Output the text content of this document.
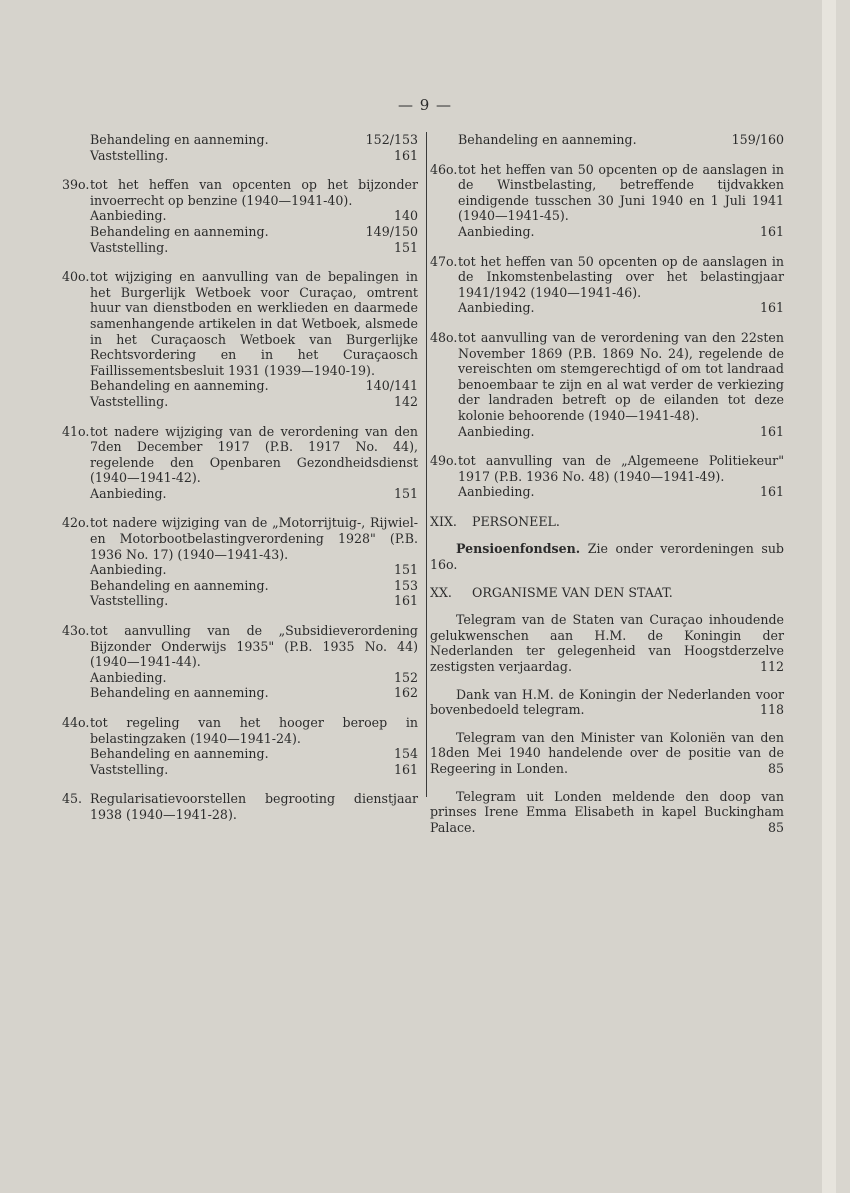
— 9 —
Behandeling en aanneming.	152/153
Vaststelling.	161
39o. tot het heffen van opcenten op het bijzonder invoerrecht op benzine (1940—1941-40).
Aanbieding.	140
Behandeling en aanneming.	149/150
Vaststelling.	151
40o. tot wijziging en aanvulling van de bepalingen in het Burgerlijk Wetboek voor Curaçao, omtrent huur van dienstboden en werklieden en daarmede samenhangende artikelen in dat Wetboek, alsmede in het Curaçaosch Wetboek van Burgerlijke Rechtsvordering en in het Curaçaosch Faillissementsbesluit 1931 (1939—1940-19).
Behandeling en aanneming.	140/141
Vaststelling.	142
41o. tot nadere wijziging van de verordening van den 7den December 1917 (P.B. 1917 No. 44), regelende den Openbaren Gezondheidsdienst (1940—1941-42).
Aanbieding.	151
42o. tot nadere wijziging van de „Motorrijtuig-, Rijwiel- en Motorbootbelastingverordening 1928" (P.B. 1936 No. 17) (1940—1941-43).
Aanbieding.	151
Behandeling en aanneming.	153
Vaststelling.	161
43o. tot aanvulling van de „Subsidieverordening Bijzonder Onderwijs 1935" (P.B. 1935 No. 44) (1940—1941-44).
Aanbieding.	152
Behandeling en aanneming.	162
44o. tot regeling van het hooger beroep in belastingzaken (1940—1941-24).
Behandeling en aanneming.	154
Vaststelling.	161
45. Regularisatievoorstellen begrooting dienstjaar 1938 (1940—1941-28).
Behandeling en aanneming.	159/160
46o. tot het heffen van 50 opcenten op de aanslagen in de Winstbelasting, betreffende tijdvakken eindigende tusschen 30 Juni 1940 en 1 Juli 1941 (1940—1941-45).
Aanbieding.	161
47o. tot het heffen van 50 opcenten op de aanslagen in de Inkomstenbelasting over het belastingjaar 1941/1942 (1940—1941-46).
Aanbieding.	161
48o. tot aanvulling van de verordening van den 22sten November 1869 (P.B. 1869 No. 24), regelende de vereischten om stemgerechtigd of om tot landraad benoembaar te zijn en al wat verder de verkiezing der landraden betreft op de eilanden tot deze kolonie behoorende (1940—1941-48).
Aanbieding.	161
49o. tot aanvulling van de „Algemeene Politiekeur" 1917 (P.B. 1936 No. 48) (1940—1941-49).
Aanbieding.	161
XIX. PERSONEEL.
Pensioenfondsen. Zie onder verordeningen sub 16o.
XX. ORGANISME VAN DEN STAAT.
Telegram van de Staten van Curaçao inhoudende gelukwenschen aan H.M. de Koningin der Nederlanden ter gelegenheid van Hoogstderzelve zestigsten verjaardag.	112
Dank van H.M. de Koningin der Nederlanden voor bovenbedoeld telegram.	118
Telegram van den Minister van Koloniën van den 18den Mei 1940 handelende over de positie van de Regeering in Londen.	85
Telegram uit Londen meldende den doop van prinses Irene Emma Elisabeth in kapel Buckingham Palace.	85
